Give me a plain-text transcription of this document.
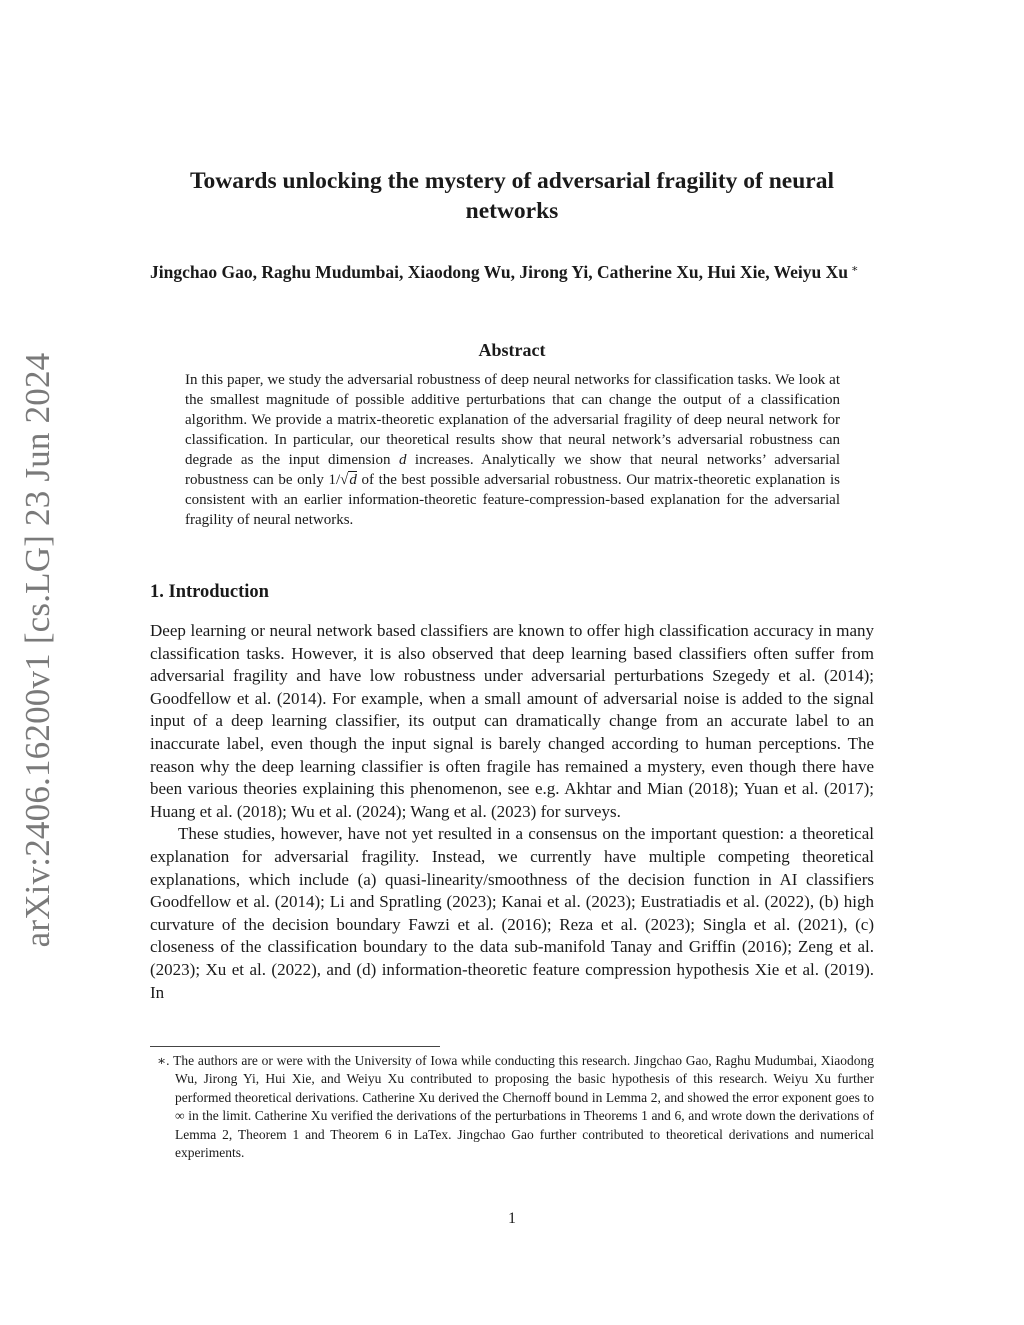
arXiv:2406.16200v1 [cs.LG] 23 Jun 2024
Towards unlocking the mystery of adversarial fragility of neural networks

Jingchao Gao, Raghu Mudumbai, Xiaodong Wu, Jirong Yi, Catherine Xu, Hui Xie, Weiyu Xu ∗

Abstract

In this paper, we study the adversarial robustness of deep neural networks for classification tasks. We look at the smallest magnitude of possible additive perturbations that can change the output of a classification algorithm. We provide a matrix-theoretic explanation of the adversarial fragility of deep neural network for classification. In particular, our theoretical results show that neural network’s adversarial robustness can degrade as the input dimension d increases. Analytically we show that neural networks’ adversarial robustness can be only 1/√d of the best possible adversarial robustness. Our matrix-theoretic explanation is consistent with an earlier information-theoretic feature-compression-based explanation for the adversarial fragility of neural networks.

1. Introduction

Deep learning or neural network based classifiers are known to offer high classification accuracy in many classification tasks. However, it is also observed that deep learning based classifiers often suffer from adversarial fragility and have low robustness under adversarial perturbations Szegedy et al. (2014); Goodfellow et al. (2014). For example, when a small amount of adversarial noise is added to the signal input of a deep learning classifier, its output can dramatically change from an accurate label to an inaccurate label, even though the input signal is barely changed according to human perceptions. The reason why the deep learning classifier is often fragile has remained a mystery, even though there have been various theories explaining this phenomenon, see e.g. Akhtar and Mian (2018); Yuan et al. (2017); Huang et al. (2018); Wu et al. (2024); Wang et al. (2023) for surveys.

These studies, however, have not yet resulted in a consensus on the important question: a theoretical explanation for adversarial fragility. Instead, we currently have multiple competing theoretical explanations, which include (a) quasi-linearity/smoothness of the decision function in AI classifiers Goodfellow et al. (2014); Li and Spratling (2023); Kanai et al. (2023); Eustratiadis et al. (2022), (b) high curvature of the decision boundary Fawzi et al. (2016); Reza et al. (2023); Singla et al. (2021), (c) closeness of the classification boundary to the data sub-manifold Tanay and Griffin (2016); Zeng et al. (2023); Xu et al. (2022), and (d) information-theoretic feature compression hypothesis Xie et al. (2019). In

∗. The authors are or were with the University of Iowa while conducting this research. Jingchao Gao, Raghu Mudumbai, Xiaodong Wu, Jirong Yi, Hui Xie, and Weiyu Xu contributed to proposing the basic hypothesis of this research. Weiyu Xu further performed theoretical derivations. Catherine Xu derived the Chernoff bound in Lemma 2, and showed the error exponent goes to ∞ in the limit. Catherine Xu verified the derivations of the perturbations in Theorems 1 and 6, and wrote down the derivations of Lemma 2, Theorem 1 and Theorem 6 in LaTex. Jingchao Gao further contributed to theoretical derivations and numerical experiments.

1
